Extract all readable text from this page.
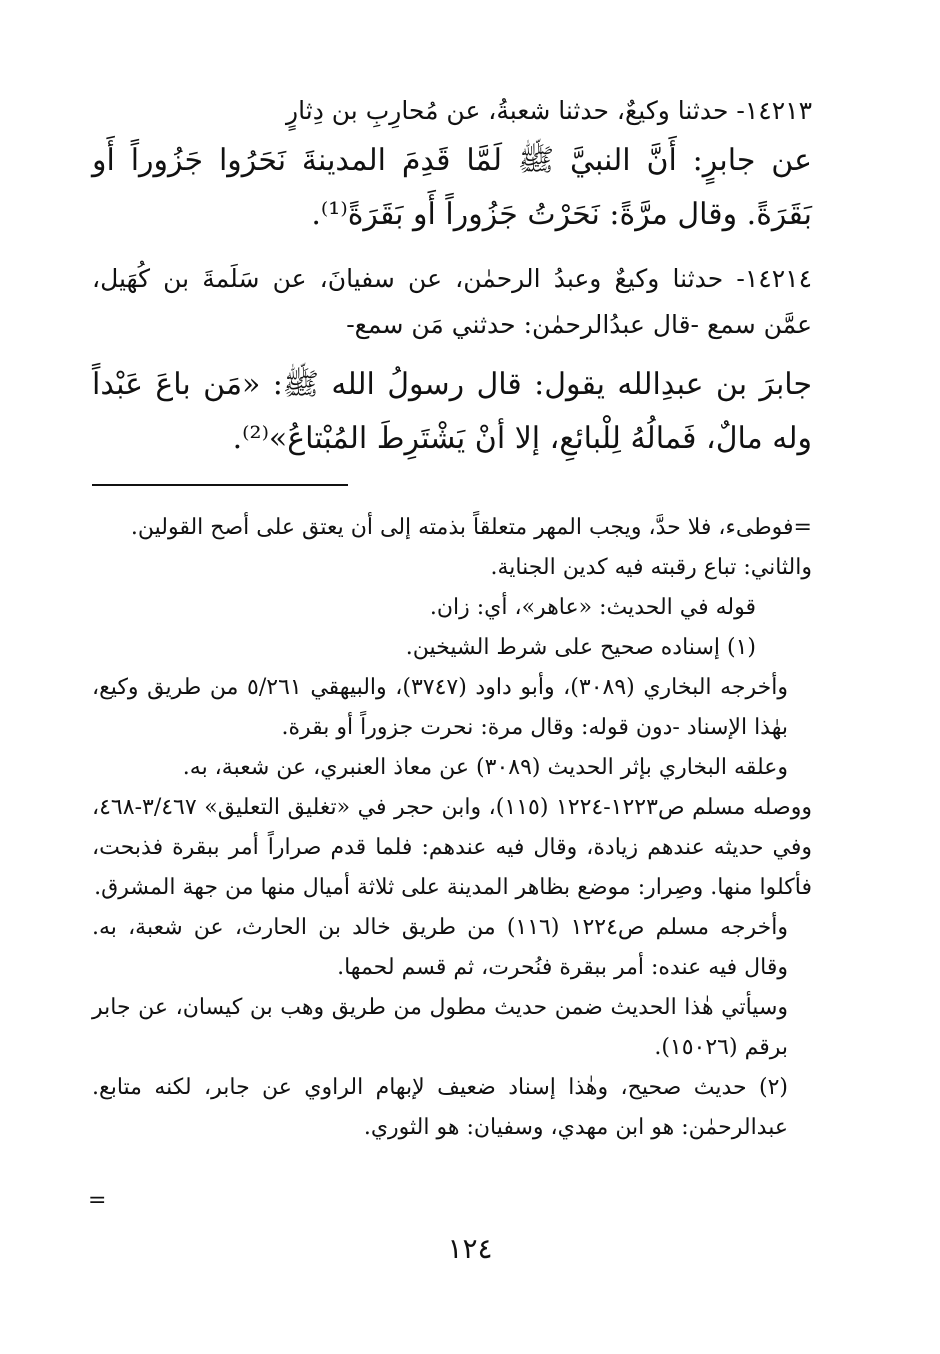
١٤٢١٣- حدثنا وكيعٌ، حدثنا شعبةُ، عن مُحارِبِ بن دِثارٍ

عن جابرٍ: أَنَّ النبيَّ ﷺ لَمَّا قَدِمَ المدينةَ نَحَرُوا جَزُوراً أَو بَقَرَةً. وقال مرَّةً: نَحَرْتُ جَزُوراً أَو بَقَرَةً⁽¹⁾.

١٤٢١٤- حدثنا وكيعٌ وعبدُ الرحمٰن، عن سفيانَ، عن سَلَمةَ بن كُهَيل، عمَّن سمع -قال عبدُالرحمٰن: حدثني مَن سمع-

جابرَ بن عبدِالله يقول: قال رسولُ الله ﷺ: «مَن باعَ عَبْداً وله مالٌ، فَمالُهُ لِلْبائعِ، إلا أنْ يَشْتَرِطَ المُبْتاعُ»⁽²⁾.

=فوطىء، فلا حدَّ، ويجب المهر متعلقاً بذمته إلى أن يعتق على أصح القولين.

والثاني: تباع رقبته فيه كدين الجناية.

قوله في الحديث: «عاهر»، أي: زان.

(١) إسناده صحيح على شرط الشيخين.

وأخرجه البخاري (٣٠٨٩)، وأبو داود (٣٧٤٧)، والبيهقي ٥/٢٦١ من طريق وكيع، بهٰذا الإسناد -دون قوله: وقال مرة: نحرت جزوراً أو بقرة.

وعلقه البخاري بإثر الحديث (٣٠٨٩) عن معاذ العنبري، عن شعبة، به.

ووصله مسلم ص١٢٢٣-١٢٢٤ (١١٥)، وابن حجر في «تغليق التعليق» ٣/٤٦٧-٤٦٨، وفي حديثه عندهم زيادة، وقال فيه عندهم: فلما قدم صراراً أمر ببقرة فذبحت، فأكلوا منها. وصِرار: موضع بظاهر المدينة على ثلاثة أميال منها من جهة المشرق.

وأخرجه مسلم ص١٢٢٤ (١١٦) من طريق خالد بن الحارث، عن شعبة، به. وقال فيه عنده: أمر ببقرة فنُحرت، ثم قسم لحمها.

وسيأتي هٰذا الحديث ضمن حديث مطول من طريق وهب بن كيسان، عن جابر برقم (١٥٠٢٦).

(٢) حديث صحيح، وهٰذا إسناد ضعيف لإبهام الراوي عن جابر، لكنه متابع. عبدالرحمٰن: هو ابن مهدي، وسفيان: هو الثوري.

=
١٢٤
